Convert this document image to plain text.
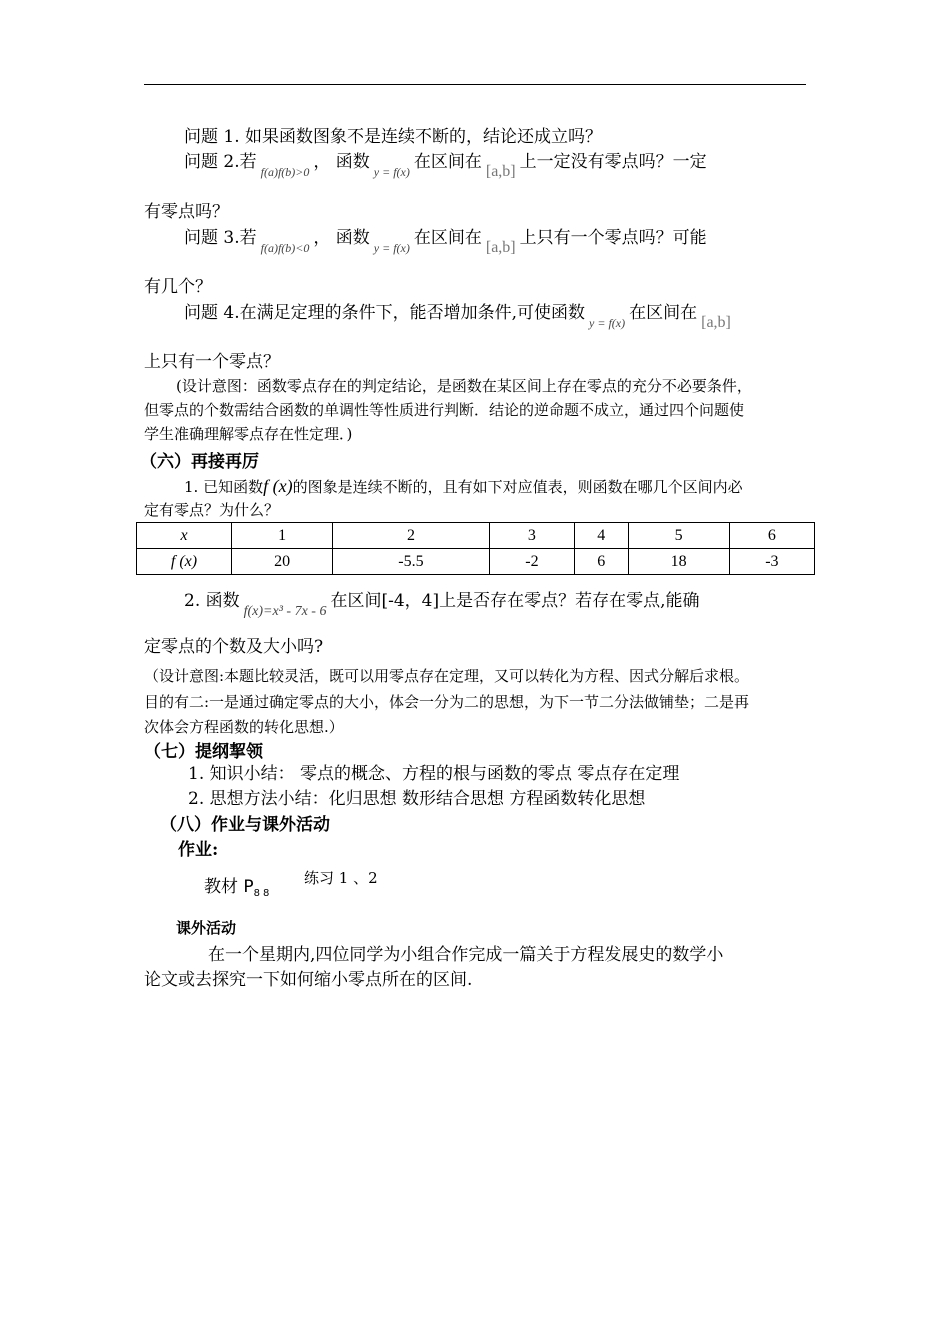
问题 1. 如果函数图象不是连续不断的，结论还成立吗？
问题 2.若 $_{f(a)f(b)>0}$ ， 函数 $_{y = f(x)}$ 在区间在 [a,b] 上一定没有零点吗？一定
有零点吗？
问题 3.若 $_{f(a)f(b)<0}$ ， 函数 $_{y = f(x)}$ 在区间在 [a,b] 上只有一个零点吗？可能
有几个？
问题 4.在满足定理的条件下，能否增加条件,可使函数 $_{y = f(x)}$ 在区间在 [a,b]
上只有一个零点？
(设计意图：函数零点存在的判定结论，是函数在某区间上存在零点的充分不必要条件，
但零点的个数需结合函数的单调性等性质进行判断．结论的逆命题不成立，通过四个问题使
学生准确理解零点存在性定理．)
（六）再接再厉
1. 已知函数f (x)的图象是连续不断的，且有如下对应值表，则函数在哪几个区间内必
定有零点？为什么？
x	1	2	3	4	5	6
f (x)	20	-5.5	-2	6	18	-3
2. 函数$_{f(x)=x^3 - 7x - 6}$在区间[-4，4]上是否存在零点？若存在零点,能确
定零点的个数及大小吗?
（设计意图:本题比较灵活，既可以用零点存在定理，又可以转化为方程、因式分解后求根。
目的有二:一是通过确定零点的大小，体会一分为二的思想，为下一节二分法做铺垫；二是再
次体会方程函数的转化思想.）
（七）提纲挈领
1. 知识小结： 零点的概念、方程的根与函数的零点 零点存在定理
2. 思想方法小结：化归思想 数形结合思想 方程函数转化思想
（八）作业与课外活动
作业:
教材 $P_{88}$
练习 1 、2
课外活动
在一个星期内,四位同学为小组合作完成一篇关于方程发展史的数学小
论文或去探究一下如何缩小零点所在的区间.
